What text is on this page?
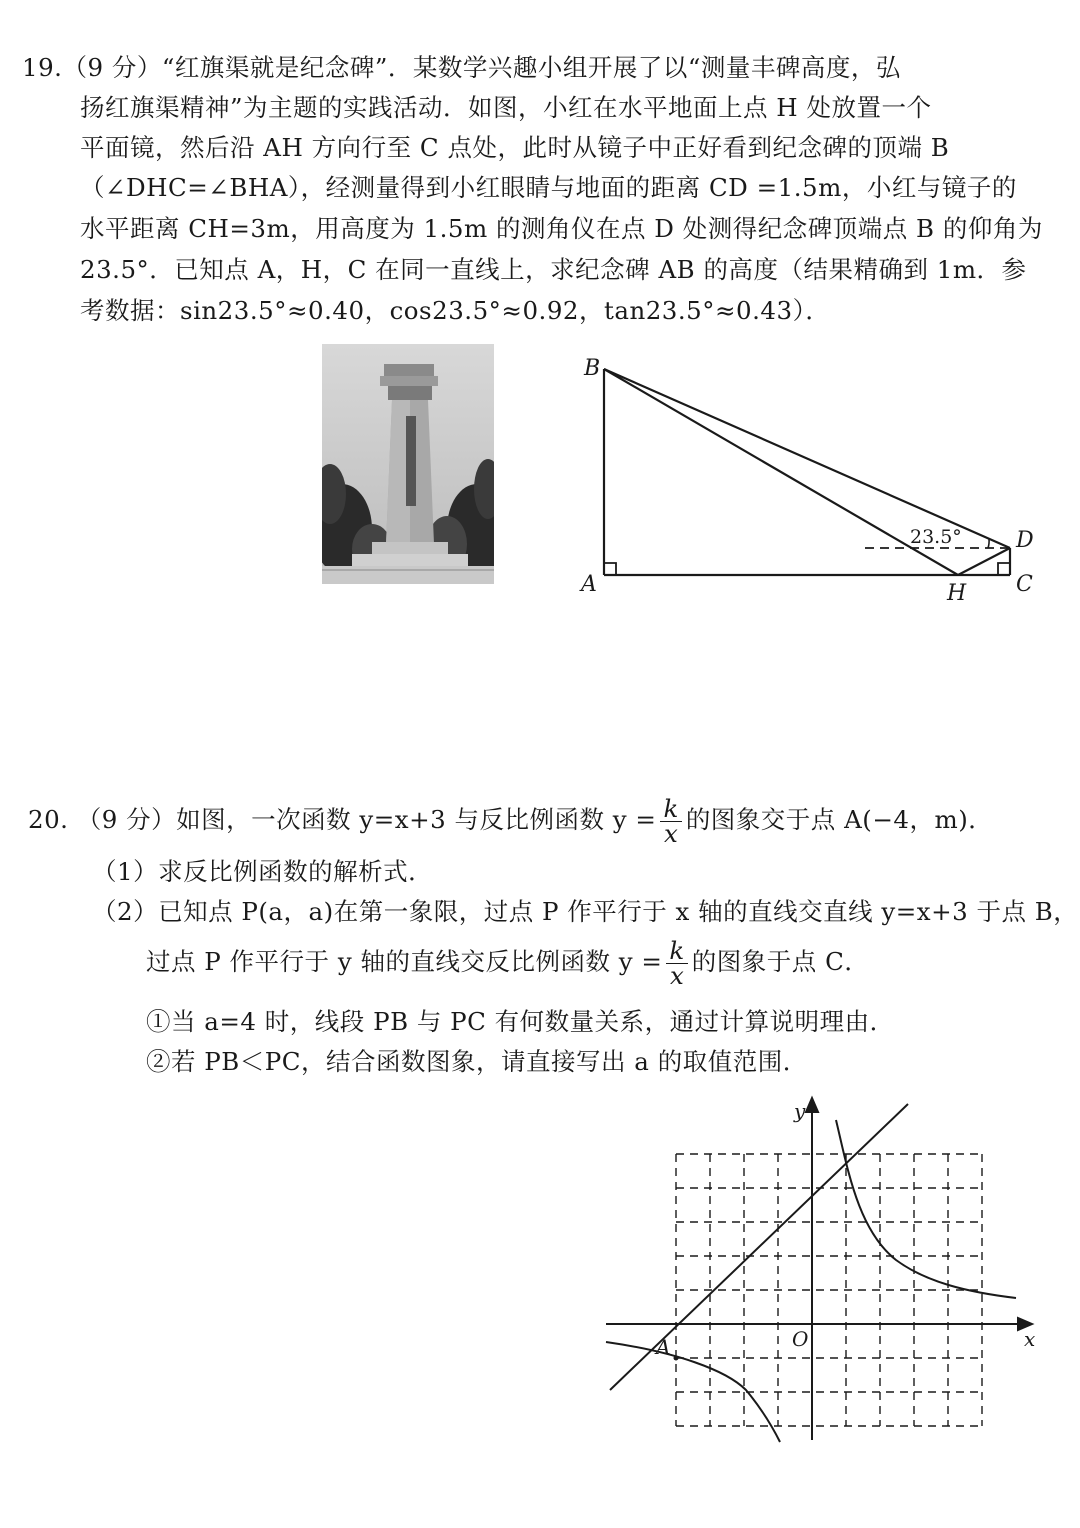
19.（9 分）“红旗渠就是纪念碑”．某数学兴趣小组开展了以“测量丰碑高度，弘
扬红旗渠精神”为主题的实践活动．如图，小红在水平地面上点 H 处放置一个
平面镜，然后沿 AH 方向行至 C 点处，此时从镜子中正好看到纪念碑的顶端 B
（∠DHC=∠BHA），经测量得到小红眼睛与地面的距离 CD =1.5m，小红与镜子的
水平距离 CH=3m，用高度为 1.5m 的测角仪在点 D 处测得纪念碑顶端点 B 的仰角为
23.5°．已知点 A，H，C 在同一直线上，求纪念碑 AB 的高度（结果精确到 1m．参
考数据：sin23.5°≈0.40，cos23.5°≈0.92，tan23.5°≈0.43）．
B
A	H C
D
23.5°
20. （9 分）如图，一次函数 y=x+3 与反比例函数 $y = \frac{k}{x}$ 的图象交于点 A(−4，m)．
（1）求反比例函数的解析式．
（2）已知点 P(a，a)在第一象限，过点 P 作平行于 x 轴的直线交直线 y=x+3 于点 B，
过点 P 作平行于 y 轴的直线交反比例函数 $y = \frac{k}{x}$ 的图象于点 C．
①当 a=4 时，线段 PB 与 PC 有何数量关系，通过计算说明理由．
②若 PB＜PC，结合函数图象，请直接写出 a 的取值范围．
y
x
O
A
